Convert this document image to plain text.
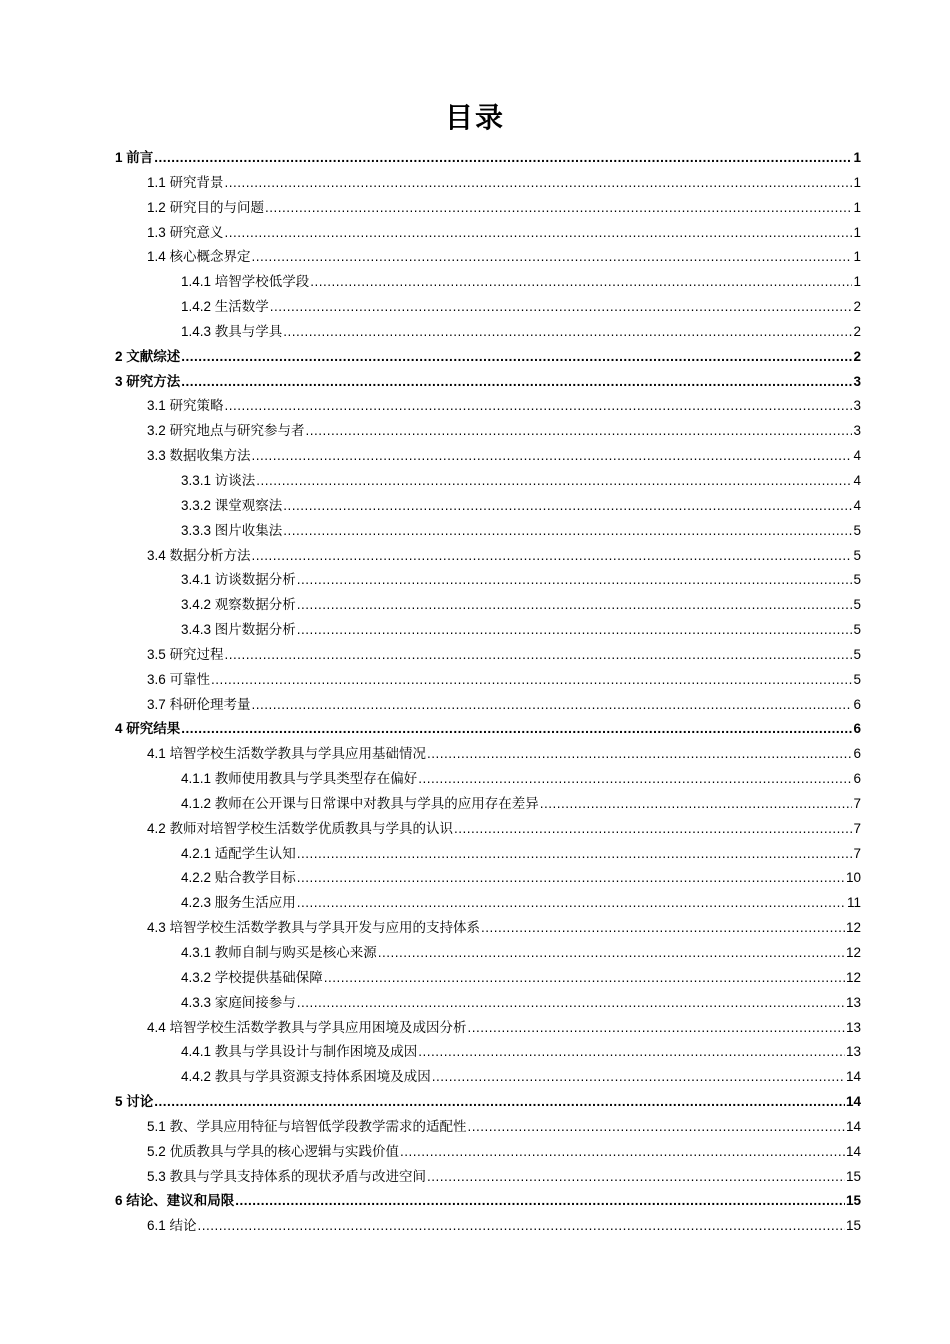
目录
1 前言 .....	1
1.1 研究背景 .....	1
1.2 研究目的与问题 .....	1
1.3 研究意义 .....	1
1.4 核心概念界定 .....	1
1.4.1 培智学校低学段 .....	1
1.4.2 生活数学 .....	2
1.4.3 教具与学具 .....	2
2 文献综述 .....	2
3 研究方法 .....	3
3.1 研究策略 .....	3
3.2 研究地点与研究参与者 .....	3
3.3 数据收集方法 .....	4
3.3.1 访谈法 .....	4
3.3.2 课堂观察法 .....	4
3.3.3 图片收集法 .....	5
3.4 数据分析方法 .....	5
3.4.1 访谈数据分析 .....	5
3.4.2 观察数据分析 .....	5
3.4.3 图片数据分析 .....	5
3.5 研究过程 .....	5
3.6 可靠性 .....	5
3.7 科研伦理考量 .....	6
4 研究结果 .....	6
4.1 培智学校生活数学教具与学具应用基础情况 .....	6
4.1.1 教师使用教具与学具类型存在偏好 .....	6
4.1.2 教师在公开课与日常课中对教具与学具的应用存在差异 .....	7
4.2 教师对培智学校生活数学优质教具与学具的认识 .....	7
4.2.1 适配学生认知 .....	7
4.2.2 贴合教学目标 .....	10
4.2.3 服务生活应用 .....	11
4.3 培智学校生活数学教具与学具开发与应用的支持体系 .....	12
4.3.1 教师自制与购买是核心来源 .....	12
4.3.2 学校提供基础保障 .....	12
4.3.3 家庭间接参与 .....	13
4.4 培智学校生活数学教具与学具应用困境及成因分析 .....	13
4.4.1 教具与学具设计与制作困境及成因 .....	13
4.4.2 教具与学具资源支持体系困境及成因 .....	14
5 讨论 .....	14
5.1 教、学具应用特征与培智低学段教学需求的适配性 .....	14
5.2 优质教具与学具的核心逻辑与实践价值 .....	14
5.3 教具与学具支持体系的现状矛盾与改进空间 .....	15
6 结论、建议和局限 .....	15
6.1 结论 .....	15
